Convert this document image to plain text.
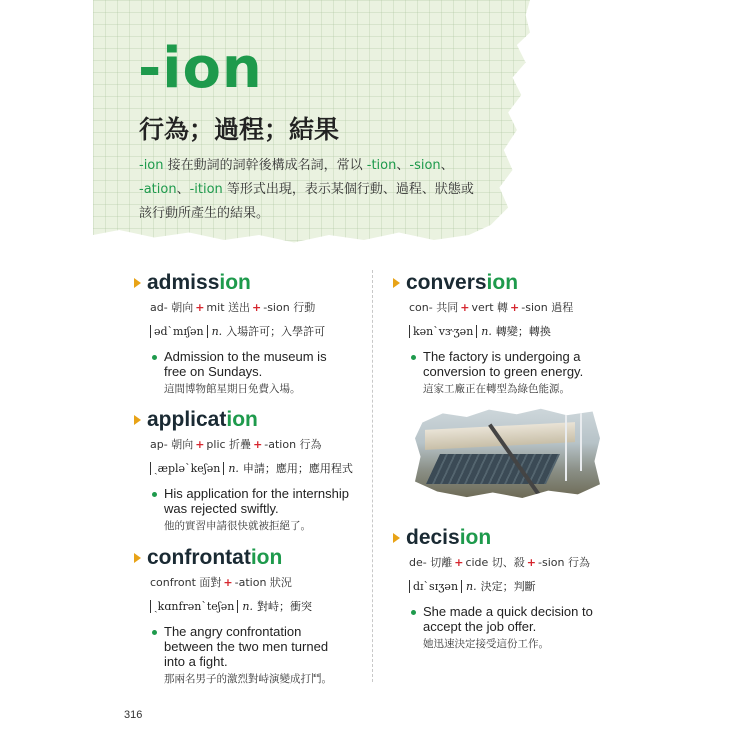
-ion
行為；過程；結果
-ion 接在動詞的詞幹後構成名詞，常以 -tion、-sion、
-ation、-ition 等形式出現，表示某個行動、過程、狀態或該行動所產生的結果。
admiss ion
ad- 朝向 + mit 送出 + -sion 行動
ədˋmɪʃən n. 入場許可；入學許可
Admission to the museum is free on Sundays.
這間博物館星期日免費入場。
applicat ion
ap- 朝向 + plic 折疊 + -ation 行為
ˏæpləˋkeʃən n. 申請；應用；應用程式
His application for the internship was rejected swiftly.
他的實習申請很快就被拒絕了。
confrontat ion
confront 面對 + -ation 狀況
ˏkɑnfrənˋteʃən n. 對峙；衝突
The angry confrontation between the two men turned into a fight.
那兩名男子的激烈對峙演變成打鬥。
convers ion
con- 共同 + vert 轉 + -sion 過程
kənˋvɝʒən n. 轉變；轉換
The factory is undergoing a conversion to green energy.
這家工廠正在轉型為綠色能源。
decis ion
de- 切離 + cide 切、殺 + -sion 行為
dɪˋsɪʒən n. 決定；判斷
She made a quick decision to accept the job offer.
她迅速決定接受這份工作。
316
